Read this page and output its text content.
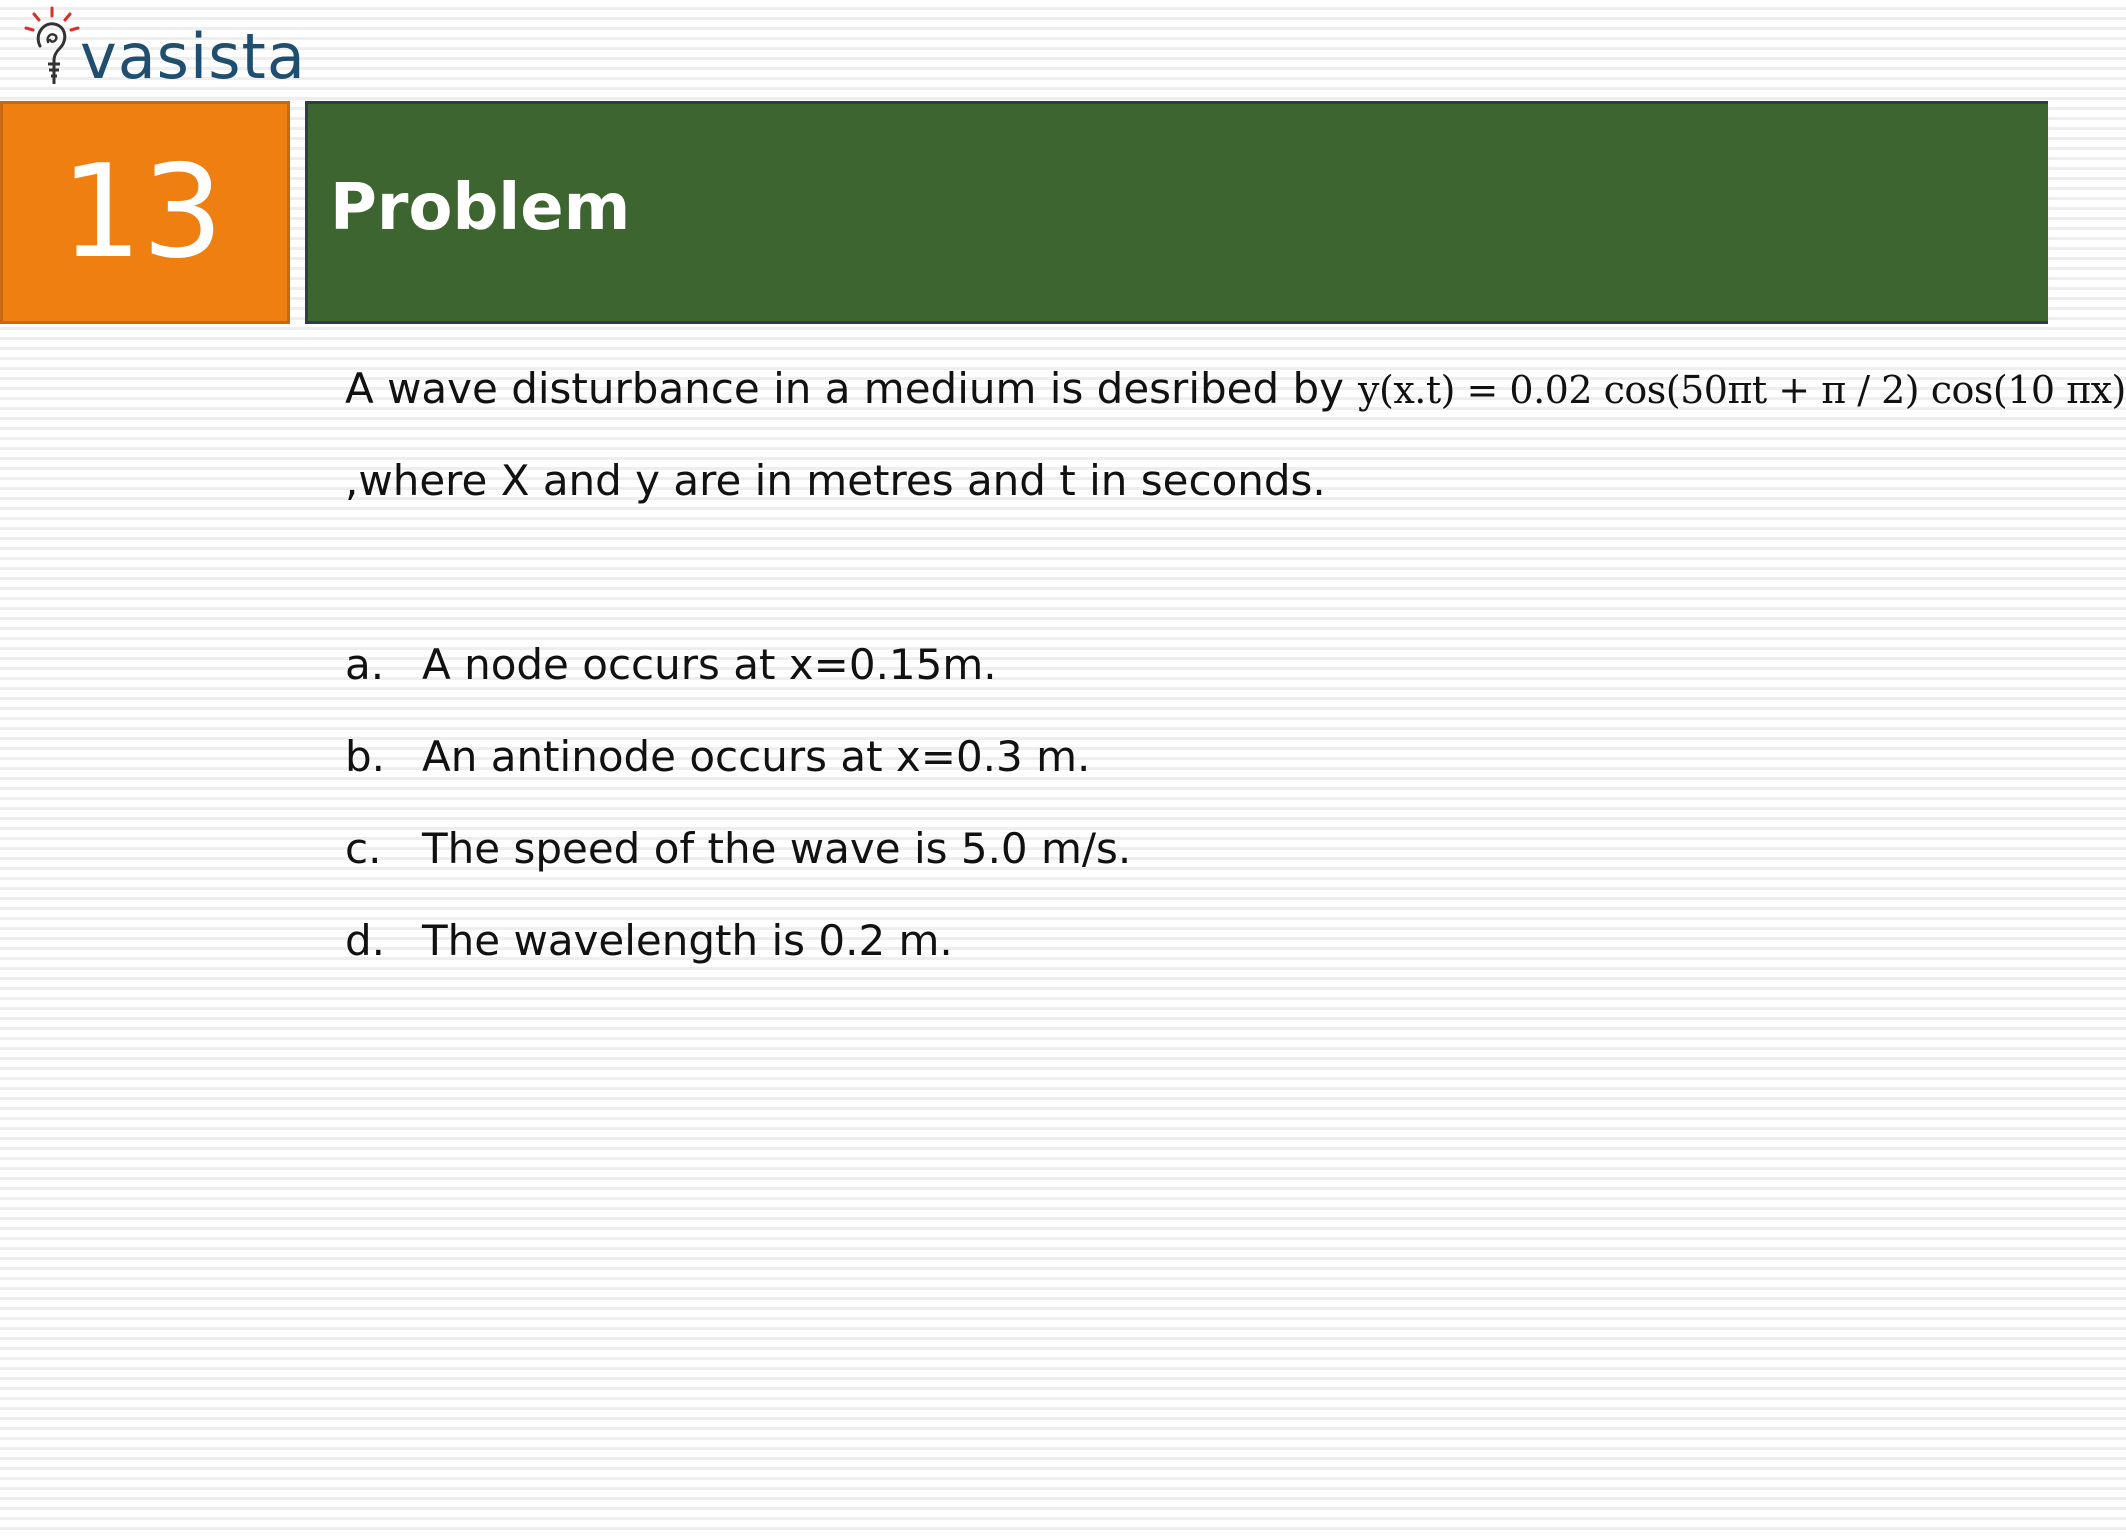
vasista
13 Problem
A wave disturbance in a medium is desribed by y(x.t) = 0.02 cos(50πt + π / 2) cos(10 πx)
,where X and y are in metres and t in seconds.
a. A node occurs at x=0.15m.
b. An antinode occurs at x=0.3 m.
c. The speed of the wave is 5.0 m/s.
d. The wavelength is 0.2 m.
